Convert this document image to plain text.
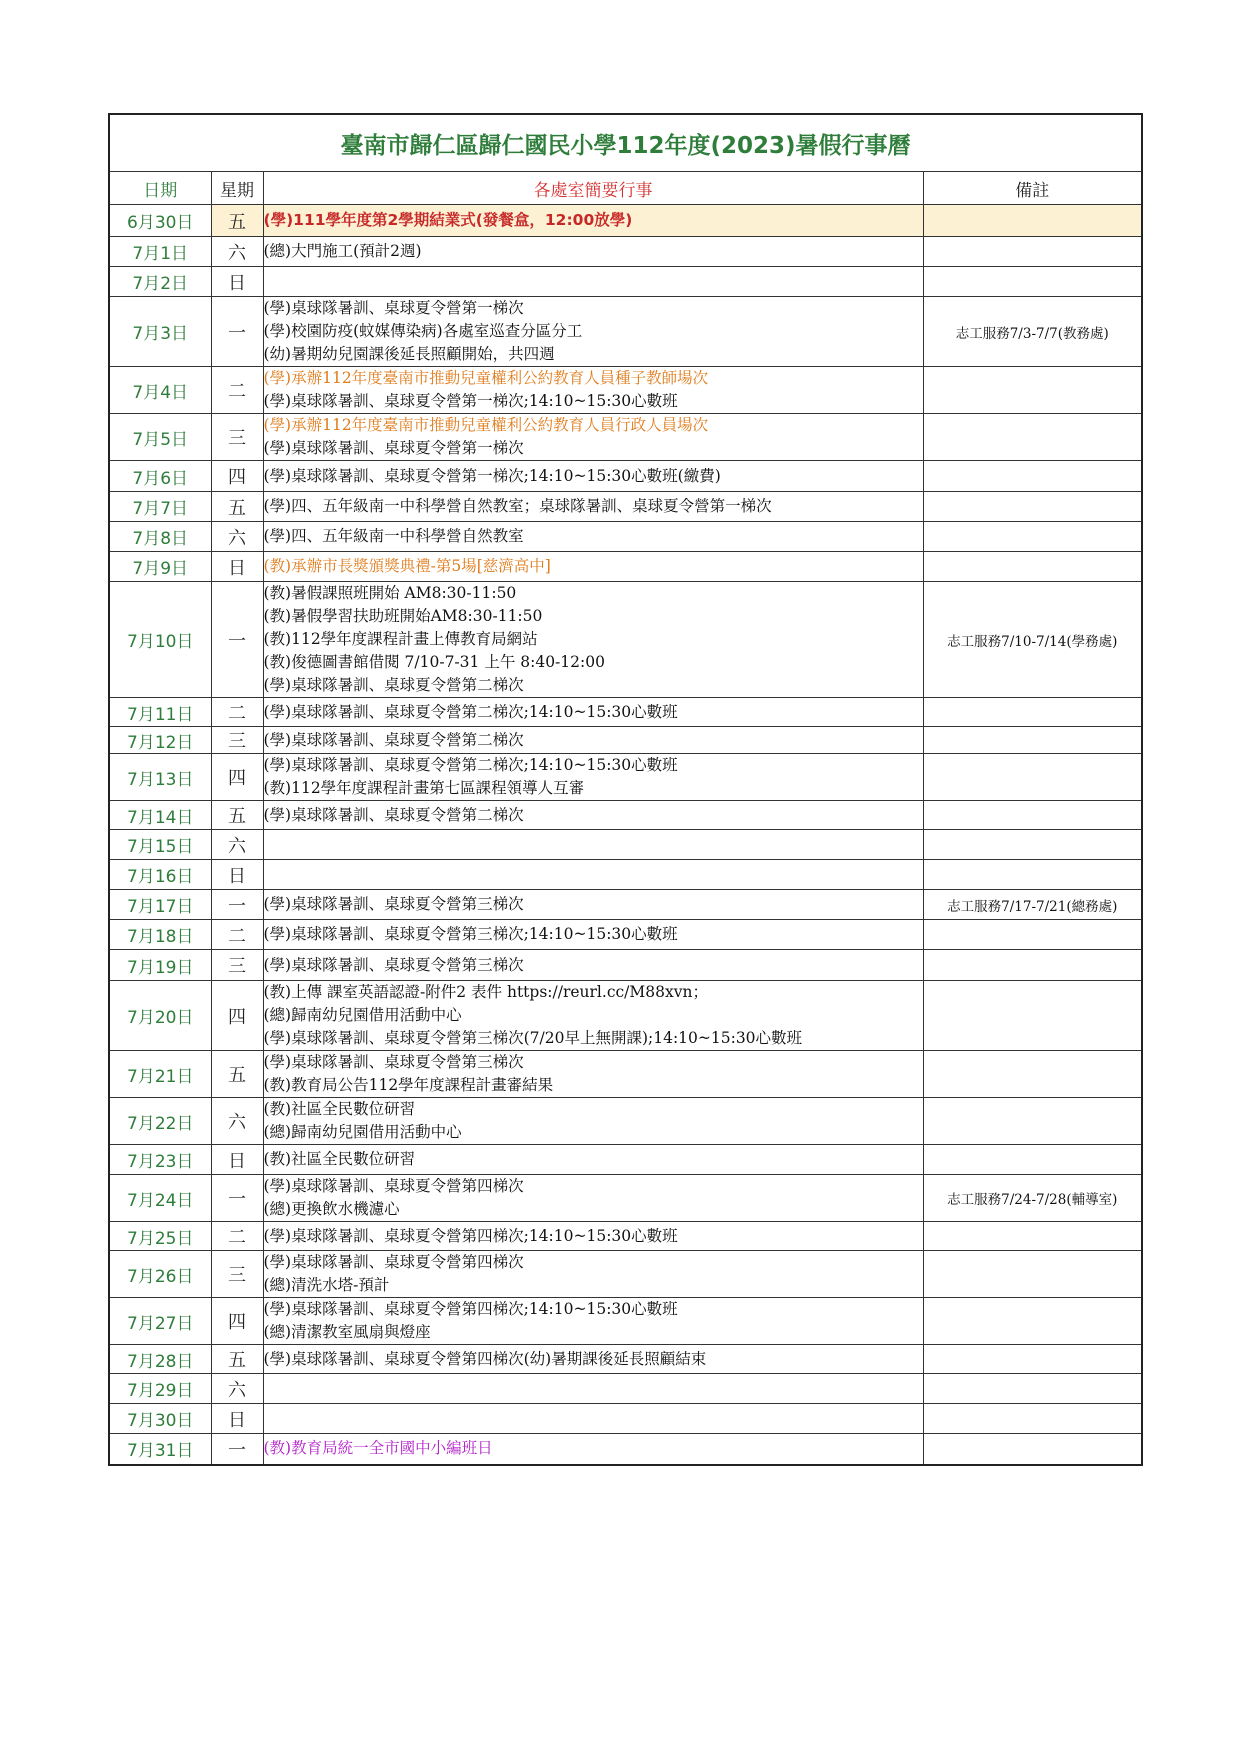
臺南市歸仁區歸仁國民小學112年度(2023)暑假行事曆			
日期	星期	各處室簡要行事	備註
6月30日	五	(學)111學年度第2學期結業式(發餐盒，12:00放學)	

7月1日	六	(總)大門施工(預計2週)	

7月2日	日		
7月3日	一	(學)桌球隊暑訓、桌球夏令營第一梯次
(學)校園防疫(蚊媒傳染病)各處室巡查分區分工
(幼)暑期幼兒園課後延長照顧開始，共四週	志工服務7/3-7/7(教務處)
7月4日	二	(學)承辦112年度臺南市推動兒童權利公約教育人員種子教師場次
(學)桌球隊暑訓、桌球夏令營第一梯次;14:10~15:30心數班	

7月5日	三	(學)承辦112年度臺南市推動兒童權利公約教育人員行政人員場次
(學)桌球隊暑訓、桌球夏令營第一梯次	

7月6日	四	(學)桌球隊暑訓、桌球夏令營第一梯次;14:10~15:30心數班(繳費)	

7月7日	五	(學)四、五年級南一中科學營自然教室；桌球隊暑訓、桌球夏令營第一梯次	

7月8日	六	(學)四、五年級南一中科學營自然教室	

7月9日	日	(教)承辦市長獎頒獎典禮-第5場[慈濟高中]	

7月10日	一	(教)暑假課照班開始 AM8:30-11:50
(教)暑假學習扶助班開始AM8:30-11:50
(教)112學年度課程計畫上傳教育局網站
(教)俊德圖書館借閱 7/10-7-31 上午 8:40-12:00
(學)桌球隊暑訓、桌球夏令營第二梯次	志工服務7/10-7/14(學務處)
7月11日	二	(學)桌球隊暑訓、桌球夏令營第二梯次;14:10~15:30心數班	

7月12日	三	(學)桌球隊暑訓、桌球夏令營第二梯次	

7月13日	四	(學)桌球隊暑訓、桌球夏令營第二梯次;14:10~15:30心數班
(教)112學年度課程計畫第七區課程領導人互審	

7月14日	五	(學)桌球隊暑訓、桌球夏令營第二梯次	

7月15日	六		
7月16日	日		
7月17日	一	(學)桌球隊暑訓、桌球夏令營第三梯次	志工服務7/17-7/21(總務處)
7月18日	二	(學)桌球隊暑訓、桌球夏令營第三梯次;14:10~15:30心數班	

7月19日	三	(學)桌球隊暑訓、桌球夏令營第三梯次	

7月20日	四	(教)上傳 課室英語認證-附件2 表件 https://reurl.cc/M88xvn；
(總)歸南幼兒園借用活動中心
(學)桌球隊暑訓、桌球夏令營第三梯次(7/20早上無開課);14:10~15:30心數班	

7月21日	五	(學)桌球隊暑訓、桌球夏令營第三梯次
(教)教育局公告112學年度課程計畫審結果	

7月22日	六	(教)社區全民數位研習
(總)歸南幼兒園借用活動中心	

7月23日	日	(教)社區全民數位研習	

7月24日	一	(學)桌球隊暑訓、桌球夏令營第四梯次
(總)更換飲水機濾心	志工服務7/24-7/28(輔導室)
7月25日	二	(學)桌球隊暑訓、桌球夏令營第四梯次;14:10~15:30心數班	

7月26日	三	(學)桌球隊暑訓、桌球夏令營第四梯次
(總)清洗水塔-預計	

7月27日	四	(學)桌球隊暑訓、桌球夏令營第四梯次;14:10~15:30心數班
(總)清潔教室風扇與燈座	

7月28日	五	(學)桌球隊暑訓、桌球夏令營第四梯次(幼)暑期課後延長照顧結束	

7月29日	六		
7月30日	日		
7月31日	一	(教)教育局統一全市國中小編班日	
